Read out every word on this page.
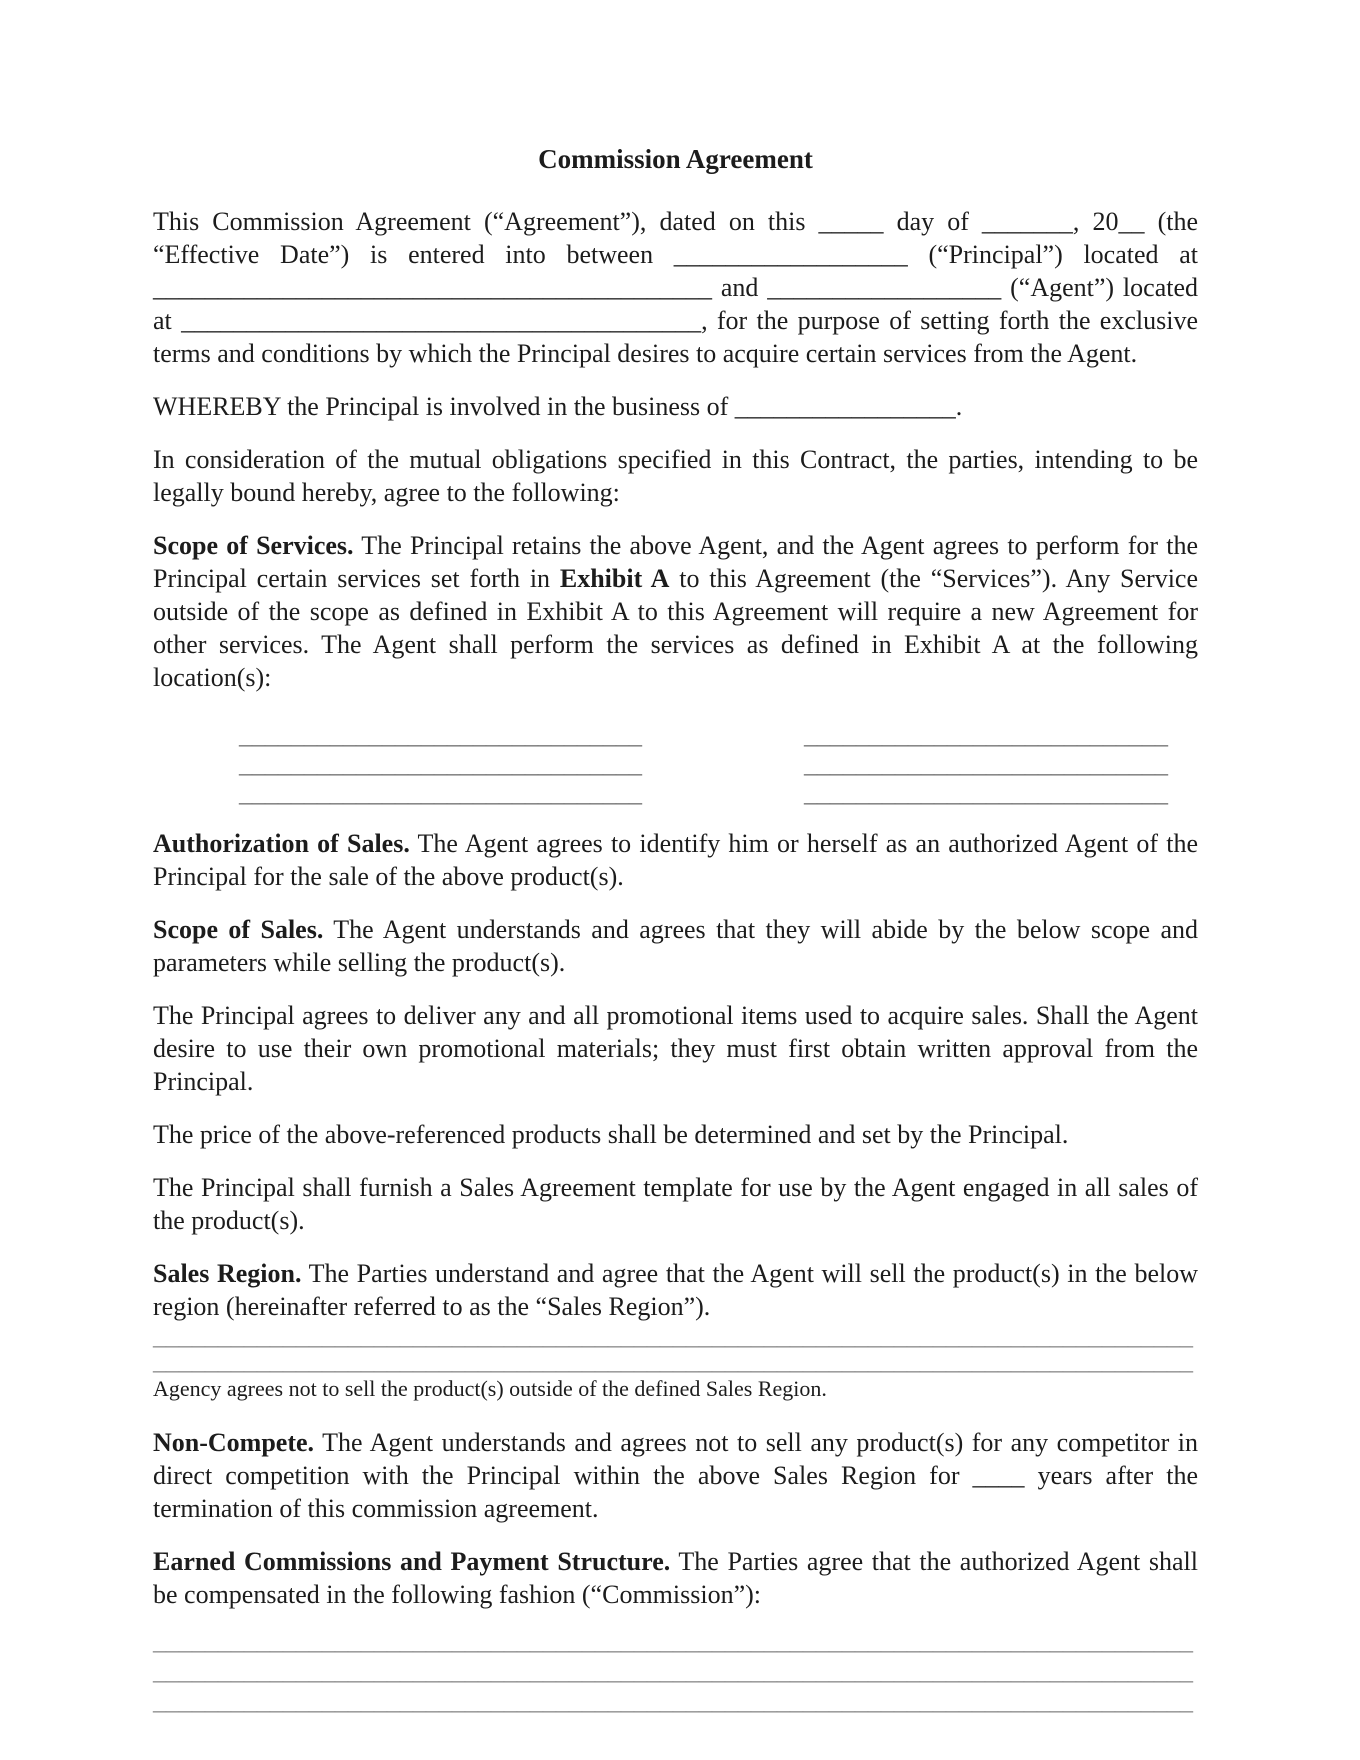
Commission Agreement

This Commission Agreement (“Agreement”), dated on this _____ day of _______, 20__ (the “Effective Date”) is entered into between __________________ (“Principal”) located at ___________________________________________ and __________________ (“Agent”) located at ________________________________________, for the purpose of setting forth the exclusive terms and conditions by which the Principal desires to acquire certain services from the Agent.

WHEREBY the Principal is involved in the business of _________________.

In consideration of the mutual obligations specified in this Contract, the parties, intending to be legally bound hereby, agree to the following:

Scope of Services. The Principal retains the above Agent, and the Agent agrees to perform for the Principal certain services set forth in Exhibit A to this Agreement (the “Services”). Any Service outside of the scope as defined in Exhibit A to this Agreement will require a new Agreement for other services. The Agent shall perform the services as defined in Exhibit A at the following location(s):

_______________________________
_______________________________
_______________________________
____________________________
____________________________
____________________________

Authorization of Sales. The Agent agrees to identify him or herself as an authorized Agent of the Principal for the sale of the above product(s).

Scope of Sales. The Agent understands and agrees that they will abide by the below scope and parameters while selling the product(s).

The Principal agrees to deliver any and all promotional items used to acquire sales. Shall the Agent desire to use their own promotional materials; they must first obtain written approval from the Principal.

The price of the above-referenced products shall be determined and set by the Principal.

The Principal shall furnish a Sales Agreement template for use by the Agent engaged in all sales of the product(s).

Sales Region. The Parties understand and agree that the Agent will sell the product(s) in the below region (hereinafter referred to as the “Sales Region”).

________________________________________________________________________________
________________________________________________________________________________

Agency agrees not to sell the product(s) outside of the defined Sales Region.

Non-Compete. The Agent understands and agrees not to sell any product(s) for any competitor in direct competition with the Principal within the above Sales Region for ____ years after the termination of this commission agreement.

Earned Commissions and Payment Structure. The Parties agree that the authorized Agent shall be compensated in the following fashion (“Commission”):

________________________________________________________________________________
________________________________________________________________________________
________________________________________________________________________________
